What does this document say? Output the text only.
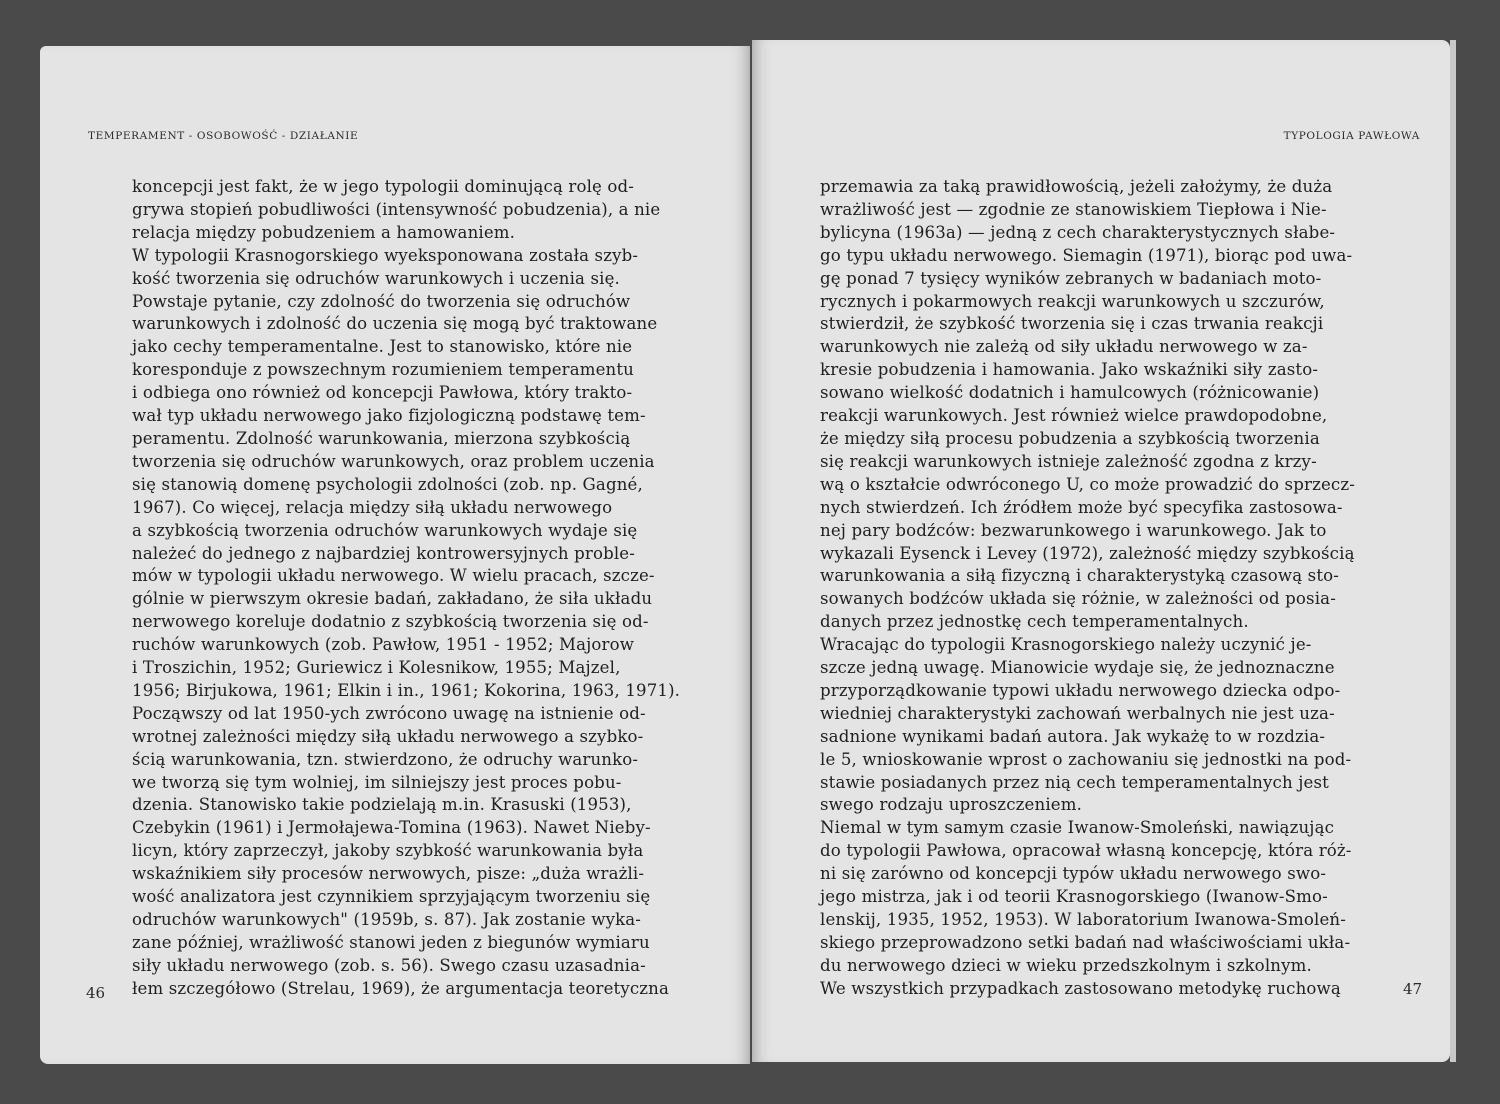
TEMPERAMENT - OSOBOWOŚĆ - DZIAŁANIE
koncepcji jest fakt, że w jego typologii dominującą rolę od-
grywa stopień pobudliwości (intensywność pobudzenia), a nie
relacja między pobudzeniem a hamowaniem.
W typologii Krasnogorskiego wyeksponowana została szyb-
kość tworzenia się odruchów warunkowych i uczenia się.
Powstaje pytanie, czy zdolność do tworzenia się odruchów
warunkowych i zdolność do uczenia się mogą być traktowane
jako cechy temperamentalne. Jest to stanowisko, które nie
koresponduje z powszechnym rozumieniem temperamentu
i odbiega ono również od koncepcji Pawłowa, który trakto-
wał typ układu nerwowego jako fizjologiczną podstawę tem-
peramentu. Zdolność warunkowania, mierzona szybkością
tworzenia się odruchów warunkowych, oraz problem uczenia
się stanowią domenę psychologii zdolności (zob. np. Gagné,
1967). Co więcej, relacja między siłą układu nerwowego
a szybkością tworzenia odruchów warunkowych wydaje się
należeć do jednego z najbardziej kontrowersyjnych proble-
mów w typologii układu nerwowego. W wielu pracach, szcze-
gólnie w pierwszym okresie badań, zakładano, że siła układu
nerwowego koreluje dodatnio z szybkością tworzenia się od-
ruchów warunkowych (zob. Pawłow, 1951 - 1952; Majorow
i Troszichin, 1952; Guriewicz i Kolesnikow, 1955; Majzel,
1956; Birjukowa, 1961; Elkin i in., 1961; Kokorina, 1963, 1971).
Począwszy od lat 1950-ych zwrócono uwagę na istnienie od-
wrotnej zależności między siłą układu nerwowego a szybko-
ścią warunkowania, tzn. stwierdzono, że odruchy warunko-
we tworzą się tym wolniej, im silniejszy jest proces pobu-
dzenia. Stanowisko takie podzielają m.in. Krasuski (1953),
Czebykin (1961) i Jermołajewa-Tomina (1963). Nawet Nieby-
licyn, który zaprzeczył, jakoby szybkość warunkowania była
wskaźnikiem siły procesów nerwowych, pisze: „duża wrażli-
wość analizatora jest czynnikiem sprzyjającym tworzeniu się
odruchów warunkowych" (1959b, s. 87). Jak zostanie wyka-
zane później, wrażliwość stanowi jeden z biegunów wymiaru
siły układu nerwowego (zob. s. 56). Swego czasu uzasadnia-
łem szczegółowo (Strelau, 1969), że argumentacja teoretyczna
46
TYPOLOGIA PAWŁOWA
przemawia za taką prawidłowością, jeżeli założymy, że duża
wrażliwość jest — zgodnie ze stanowiskiem Tiepłowa i Nie-
bylicyna (1963a) — jedną z cech charakterystycznych słabe-
go typu układu nerwowego. Siemagin (1971), biorąc pod uwa-
gę ponad 7 tysięcy wyników zebranych w badaniach moto-
rycznych i pokarmowych reakcji warunkowych u szczurów,
stwierdził, że szybkość tworzenia się i czas trwania reakcji
warunkowych nie zależą od siły układu nerwowego w za-
kresie pobudzenia i hamowania. Jako wskaźniki siły zasto-
sowano wielkość dodatnich i hamulcowych (różnicowanie)
reakcji warunkowych. Jest również wielce prawdopodobne,
że między siłą procesu pobudzenia a szybkością tworzenia
się reakcji warunkowych istnieje zależność zgodna z krzy-
wą o kształcie odwróconego U, co może prowadzić do sprzecz-
nych stwierdzeń. Ich źródłem może być specyfika zastosowa-
nej pary bodźców: bezwarunkowego i warunkowego. Jak to
wykazali Eysenck i Levey (1972), zależność między szybkością
warunkowania a siłą fizyczną i charakterystyką czasową sto-
sowanych bodźców układa się różnie, w zależności od posia-
danych przez jednostkę cech temperamentalnych.
Wracając do typologii Krasnogorskiego należy uczynić je-
szcze jedną uwagę. Mianowicie wydaje się, że jednoznaczne
przyporządkowanie typowi układu nerwowego dziecka odpo-
wiedniej charakterystyki zachowań werbalnych nie jest uza-
sadnione wynikami badań autora. Jak wykażę to w rozdzia-
le 5, wnioskowanie wprost o zachowaniu się jednostki na pod-
stawie posiadanych przez nią cech temperamentalnych jest
swego rodzaju uproszczeniem.
Niemal w tym samym czasie Iwanow-Smoleński, nawiązując
do typologii Pawłowa, opracował własną koncepcję, która róż-
ni się zarówno od koncepcji typów układu nerwowego swo-
jego mistrza, jak i od teorii Krasnogorskiego (Iwanow-Smo-
lenskij, 1935, 1952, 1953). W laboratorium Iwanowa-Smoleń-
skiego przeprowadzono setki badań nad właściwościami ukła-
du nerwowego dzieci w wieku przedszkolnym i szkolnym.
We wszystkich przypadkach zastosowano metodykę ruchową	47
